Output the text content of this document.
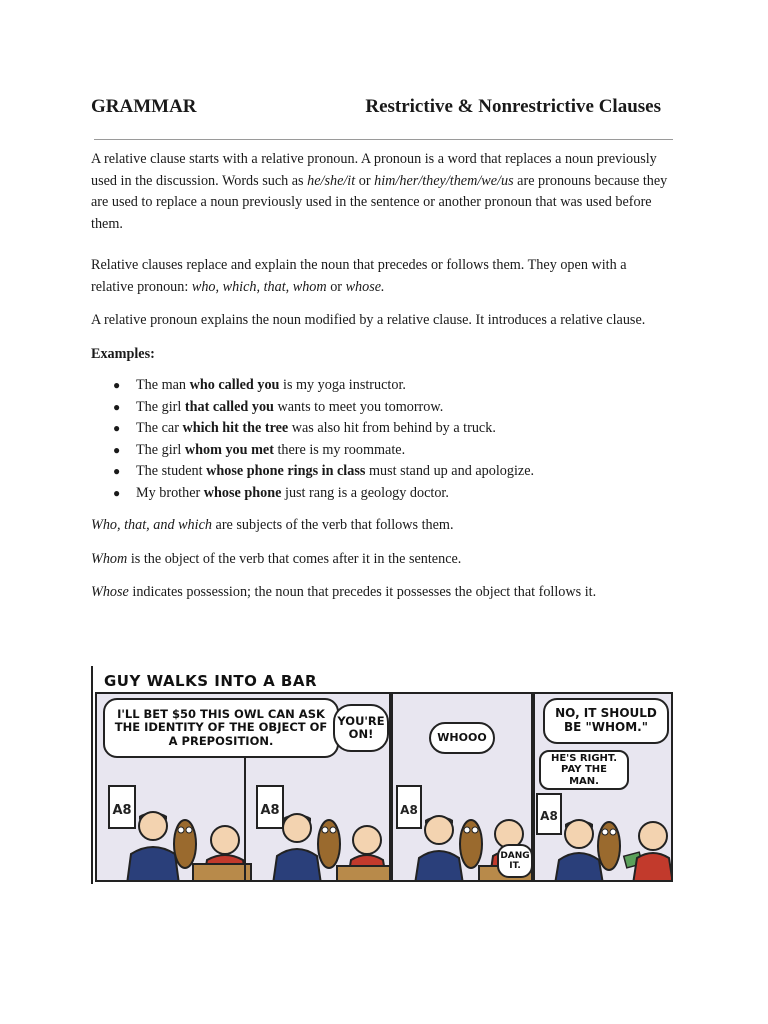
GRAMMAR	Restrictive & Nonrestrictive Clauses

A relative clause starts with a relative pronoun. A pronoun is a word that replaces a noun previously used in the discussion. Words such as he/she/it or him/her/they/them/we/us are pronouns because they are used to replace a noun previously used in the sentence or another pronoun that was used before them.

Relative clauses replace and explain the noun that precedes or follows them. They open with a relative pronoun: who, which, that, whom or whose.

A relative pronoun explains the noun modified by a relative clause. It introduces a relative clause.

Examples:

● The man who called you is my yoga instructor.
● The girl that called you wants to meet you tomorrow.
● The car which hit the tree was also hit from behind by a truck.
● The girl whom you met there is my roommate.
● The student whose phone rings in class must stand up and apologize.
● My brother whose phone just rang is a geology doctor.

Who, that, and which are subjects of the verb that follows them.

Whom is the object of the verb that comes after it in the sentence.

Whose indicates possession; the noun that precedes it possesses the object that follows it.

GUY WALKS INTO A BAR
A8	A8
I'LL BET $50 THIS OWL CAN ASK THE IDENTITY OF THE OBJECT OF A PREPOSITION.
YOU'RE ON!
A8
WHOOO
DANG IT.
A8
NO, IT SHOULD BE "WHOM."
HE'S RIGHT. PAY THE MAN.
